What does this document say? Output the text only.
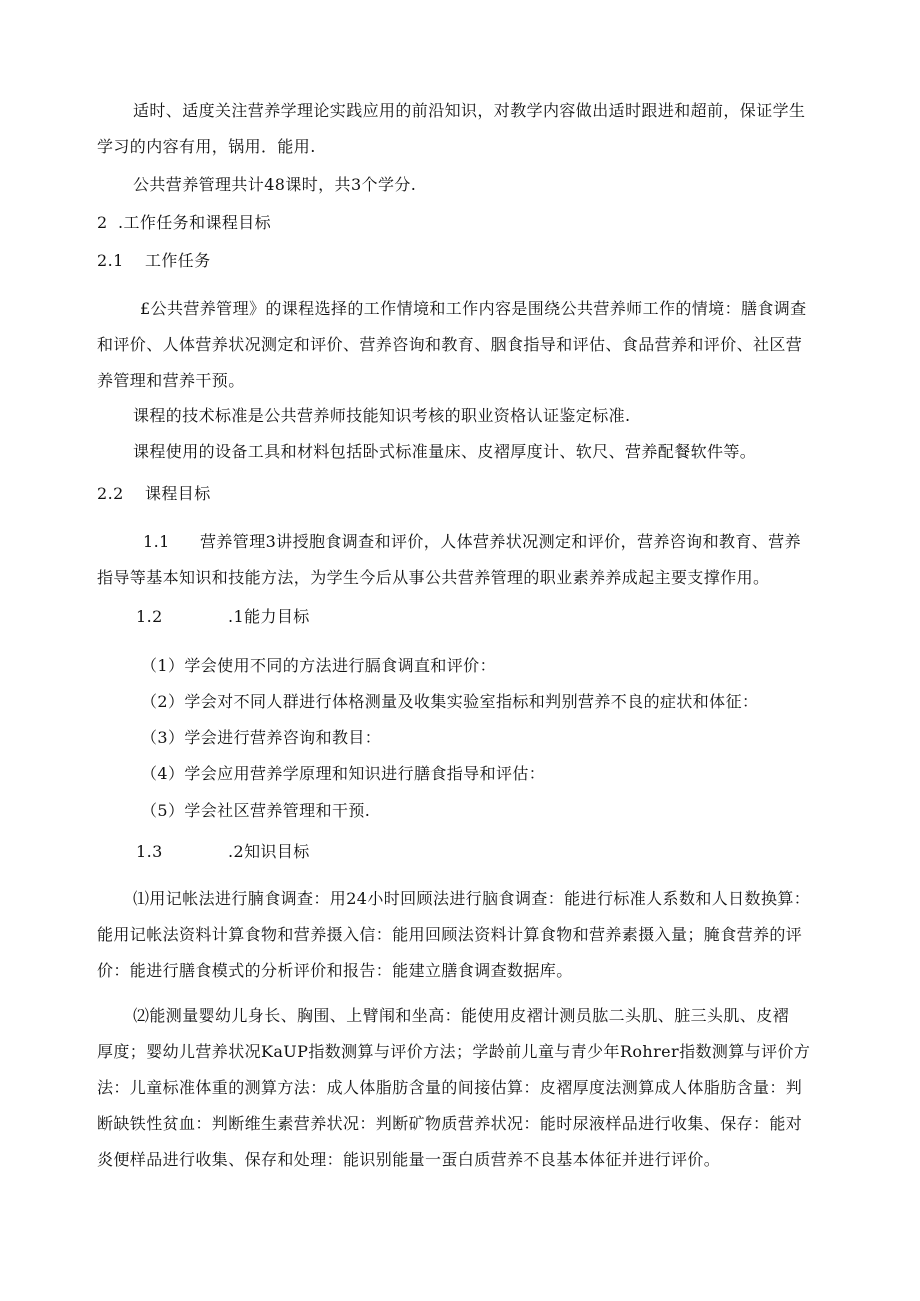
适时、适度关注营养学理论实践应用的前沿知识，对教学内容做出适时跟进和超前，保证学生
学习的内容有用，锅用．能用.
公共营养管理共计48课时，共3个学分.
2 .工作任务和课程目标
2.1 工作任务
£公共营养管理》的课程选择的工作情境和工作内容是围绕公共营养师工作的情境：膳食调查
和评价、人体营养状况测定和评价、营养咨询和教育、胭食指导和评估、食品营养和评价、社区营
养管理和营养干预。
课程的技术标准是公共营养师技能知识考核的职业资格认证鉴定标准.
课程使用的设备工具和材料包括卧式标准量床、皮褶厚度计、软尺、营养配餐软件等。
2.2 课程目标
1.1 营养管理3讲授胞食调查和评价，人体营养状况测定和评价，营养咨询和教育、营养
指导等基本知识和技能方法，为学生今后从事公共营养管理的职业素养养成起主要支撑作用。
1.2	.1能力目标
（1）学会使用不同的方法进行膈食调直和评价：
（2）学会对不同人群进行体格测量及收集实验室指标和判别营养不良的症状和体征：
（3）学会进行营养咨询和教目：
（4）学会应用营养学原理和知识进行膳食指导和评估：
（5）学会社区营养管理和干预.
1.3	.2知识目标
⑴用记帐法进行腩食调查：用24小时回顾法进行脑食调查：能进行标准人系数和人日数换算：
能用记帐法资料计算食物和营养摄入信：能用回顾法资料计算食物和营养素摄入量；腌食营养的评
价：能进行膳食模式的分析评价和报告：能建立膳食调查数据库。
⑵能测量婴幼儿身长、胸围、上臂闱和坐高：能使用皮褶计测员肱二头肌、脏三头肌、皮褶
厚度；婴幼儿营养状况KaUP指数测算与评价方法；学龄前儿童与青少年Rohrer指数测算与评价方
法：儿童标准体重的测算方法：成人体脂肪含量的间接估算：皮褶厚度法测算成人体脂肪含量：判
断缺铁性贫血：判断维生素营养状况：判断矿物质营养状况：能时尿液样品进行收集、保存：能对
炎便样品进行收集、保存和处理：能识别能量一蛋白质营养不良基本体征并进行评价。
